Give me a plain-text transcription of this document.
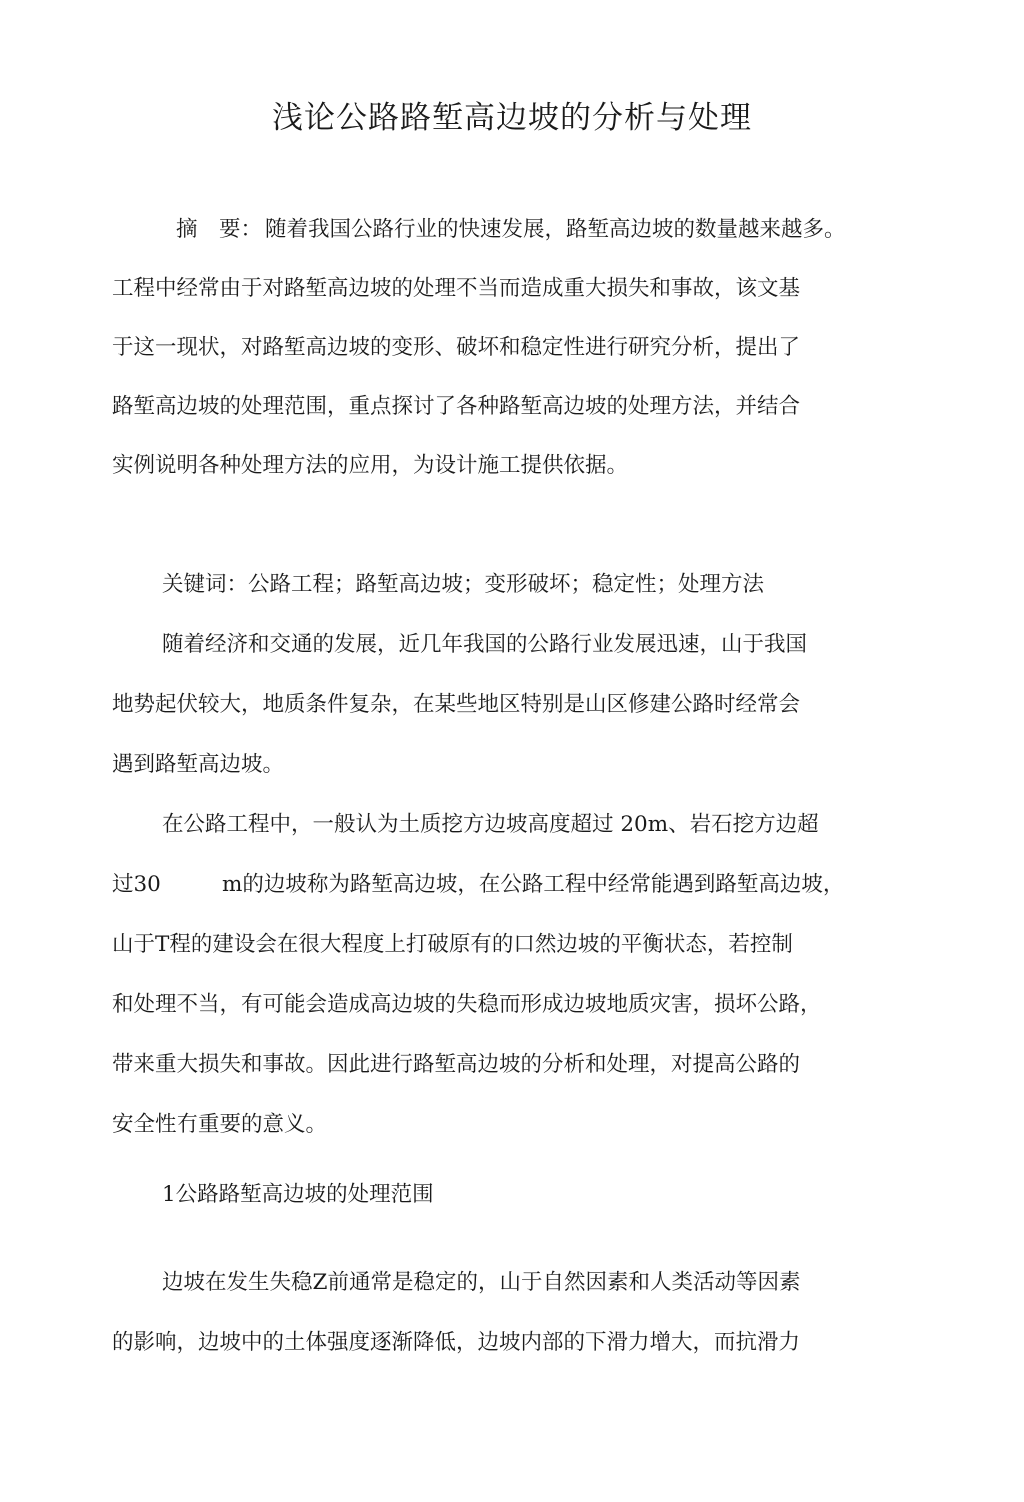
浅论公路路堑高边坡的分析与处理
摘　要： 随着我国公路行业的快速发展，路堑高边坡的数量越来越多。
工程中经常由于对路堑高边坡的处理不当而造成重大损失和事故，该文基
于这一现状，对路堑高边坡的变形、破坏和稳定性进行研究分析，提出了
路堑高边坡的处理范围，重点探讨了各种路堑高边坡的处理方法，并结合
实例说明各种处理方法的应用，为设计施工提供依据。
关键词：公路工程；路堑高边坡；变形破坏；稳定性；处理方法
随着经济和交通的发展，近几年我国的公路行业发展迅速，山于我国
地势起伏较大，地质条件复杂，在某些地区特别是山区修建公路时经常会
遇到路堑高边坡。
在公路工程中，一般认为土质挖方边坡高度超过 20m、岩石挖方边超
过30	m的边坡称为路堑高边坡，在公路工程中经常能遇到路堑高边坡，
山于T程的建设会在很大程度上打破原有的口然边坡的平衡状态，若控制
和处理不当，有可能会造成高边坡的失稳而形成边坡地质灾害，损坏公路，
带来重大损失和事故。因此进行路堑高边坡的分析和处理，对提高公路的
安全性冇重要的意义。
1公路路堑高边坡的处理范围
边坡在发生失稳Z前通常是稳定的，山于自然因素和人类活动等因素
的影响，边坡中的土体强度逐渐降低，边坡内部的下滑力增大，而抗滑力
